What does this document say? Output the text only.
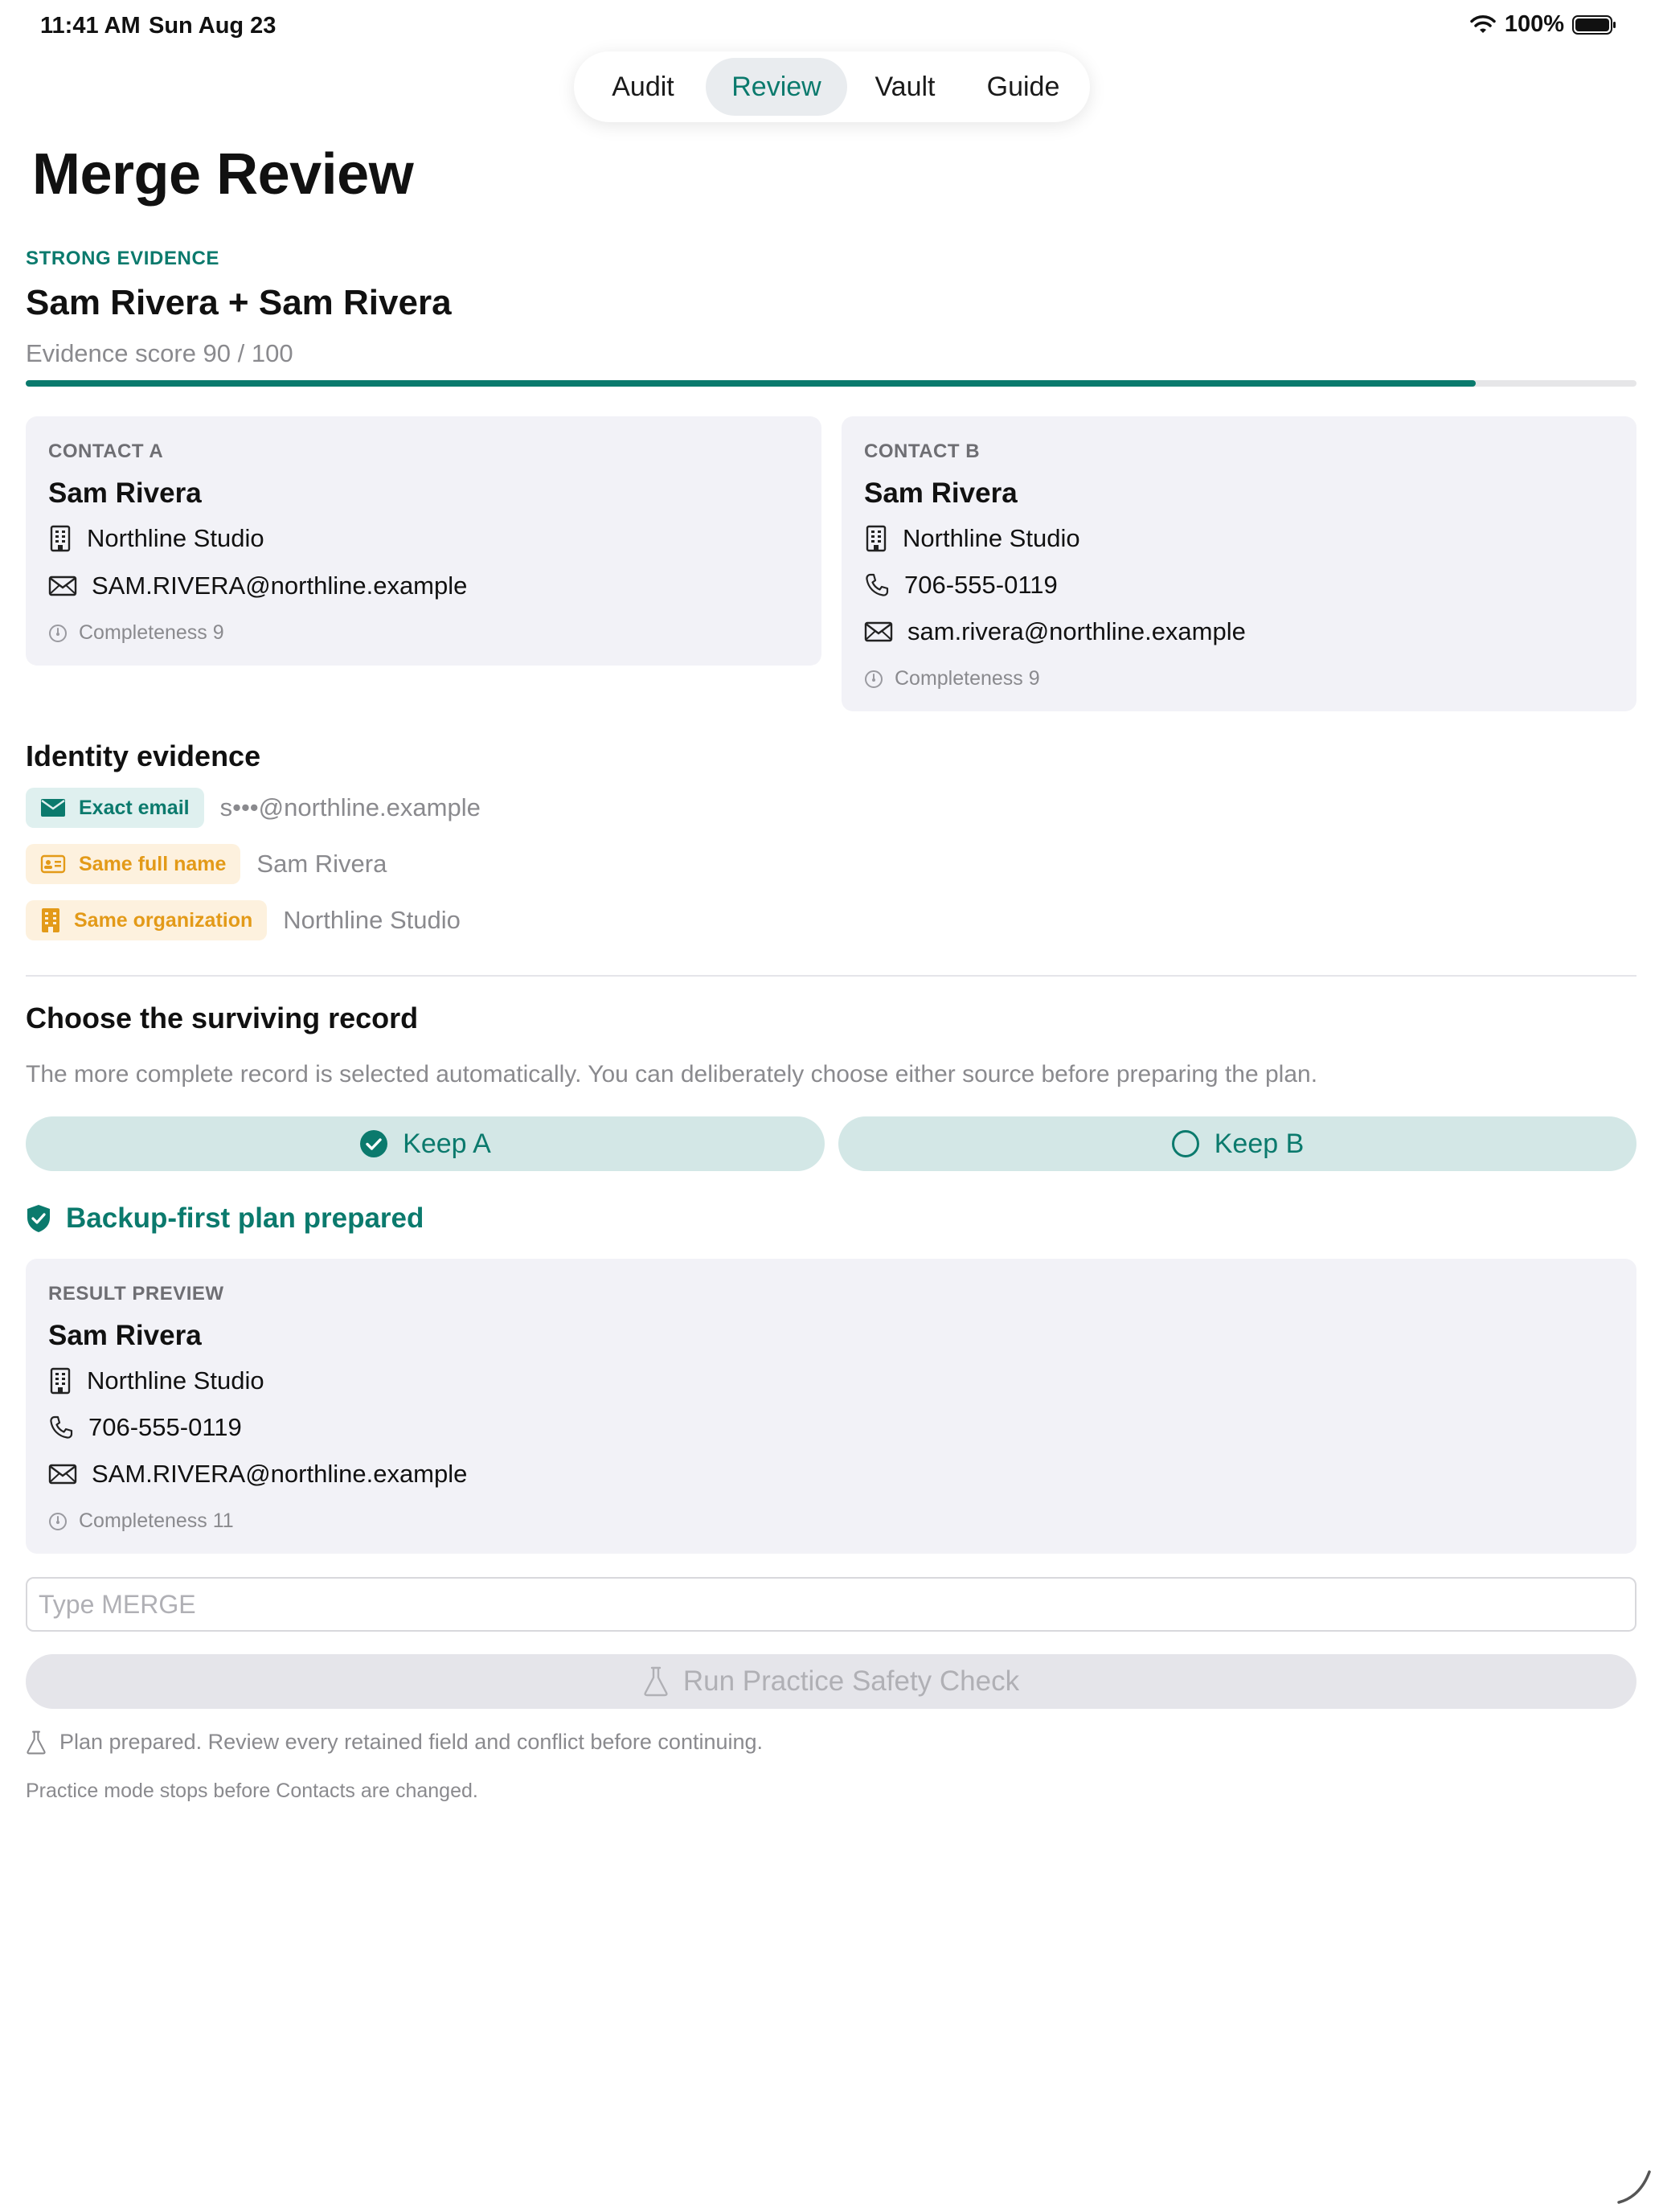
11:41 AM Sun Aug 23	100%
Audit	Review	Vault	Guide
Merge Review
STRONG EVIDENCE
Sam Rivera + Sam Rivera
Evidence score 90 / 100
CONTACT A
Sam Rivera
Northline Studio
SAM.RIVERA@northline.example
Completeness 9
CONTACT B
Sam Rivera
Northline Studio
706-555-0119
sam.rivera@northline.example
Completeness 9
Identity evidence
Exact email s•••@northline.example
Same full name Sam Rivera
Same organization Northline Studio
Choose the surviving record
The more complete record is selected automatically. You can deliberately choose either source before preparing the plan.
Keep A	Keep B
Backup-first plan prepared
RESULT PREVIEW
Sam Rivera
Northline Studio
706-555-0119
SAM.RIVERA@northline.example
Completeness 11
Type MERGE
Run Practice Safety Check
Plan prepared. Review every retained field and conflict before continuing.
Practice mode stops before Contacts are changed.
